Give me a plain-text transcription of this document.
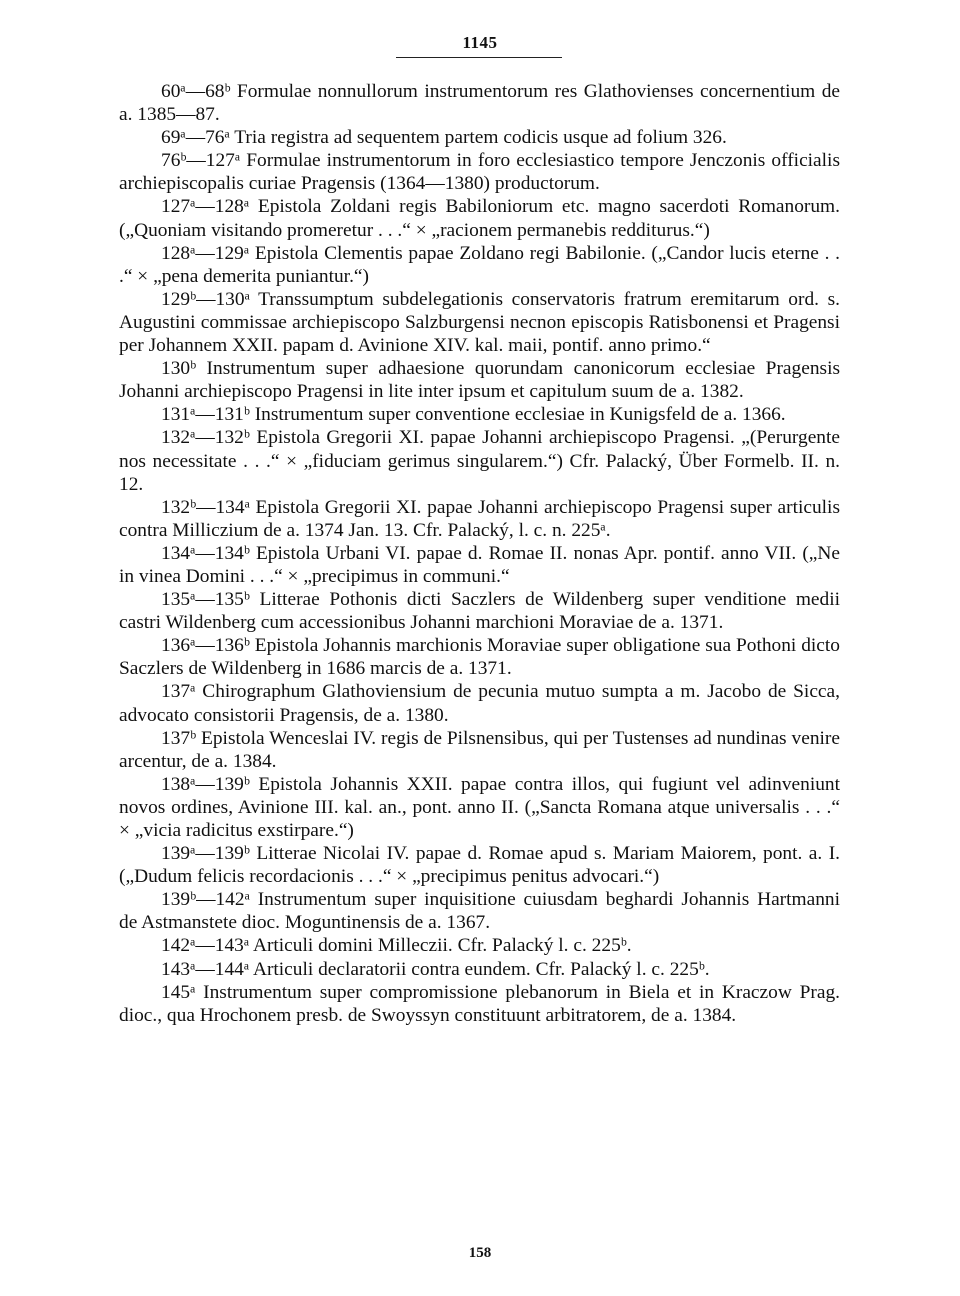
1145

60ᵃ—68ᵇ Formulae nonnullorum instrumentorum res Glathovienses concernentium de a. 1385—87.

69ᵃ—76ᵃ Tria registra ad sequentem partem codicis usque ad folium 326.

76ᵇ—127ᵃ Formulae instrumentorum in foro ecclesiastico tempore Jenczonis officialis archiepiscopalis curiae Pragensis (1364—1380) productorum.

127ᵃ—128ᵃ Epistola Zoldani regis Babiloniorum etc. magno sacerdoti Romanorum. („Quoniam visitando promeretur . . .“ × „racionem permanebis redditurus.“)

128ᵃ—129ᵃ Epistola Clementis papae Zoldano regi Babilonie. („Candor lucis eterne . . .“ × „pena demerita puniantur.“)

129ᵇ—130ᵃ Transsumptum subdelegationis conservatoris fratrum eremitarum ord. s. Augustini commissae archiepiscopo Salzburgensi necnon episcopis Ratisbonensi et Pragensi per Johannem XXII. papam d. Avinione XIV. kal. maii, pontif. anno primo.“

130ᵇ Instrumentum super adhaesione quorundam canonicorum ecclesiae Pragensis Johanni archiepiscopo Pragensi in lite inter ipsum et capitulum suum de a. 1382.

131ᵃ—131ᵇ Instrumentum super conventione ecclesiae in Kunigsfeld de a. 1366.

132ᵃ—132ᵇ Epistola Gregorii XI. papae Johanni archiepiscopo Pragensi. „(Perurgente nos necessitate . . .“ × „fiduciam gerimus singularem.“) Cfr. Palacký, Über Formelb. II. n. 12.

132ᵇ—134ᵃ Epistola Gregorii XI. papae Johanni archiepiscopo Pragensi super articulis contra Milliczium de a. 1374 Jan. 13. Cfr. Palacký, l. c. n. 225ᵃ.

134ᵃ—134ᵇ Epistola Urbani VI. papae d. Romae II. nonas Apr. pontif. anno VII. („Ne in vinea Domini . . .“ × „precipimus in communi.“

135ᵃ—135ᵇ Litterae Pothonis dicti Saczlers de Wildenberg super venditione medii castri Wildenberg cum accessionibus Johanni marchioni Moraviae de a. 1371.

136ᵃ—136ᵇ Epistola Johannis marchionis Moraviae super obligatione sua Pothoni dicto Saczlers de Wildenberg in 1686 marcis de a. 1371.

137ᵃ Chirographum Glathoviensium de pecunia mutuo sumpta a m. Jacobo de Sicca, advocato consistorii Pragensis, de a. 1380.

137ᵇ Epistola Wenceslai IV. regis de Pilsnensibus, qui per Tustenses ad nundinas venire arcentur, de a. 1384.

138ᵃ—139ᵇ Epistola Johannis XXII. papae contra illos, qui fugiunt vel adinveniunt novos ordines, Avinione III. kal. an., pont. anno II. („Sancta Romana atque universalis . . .“ × „vicia radicitus exstirpare.“)

139ᵃ—139ᵇ Litterae Nicolai IV. papae d. Romae apud s. Mariam Maiorem, pont. a. I. („Dudum felicis recordacionis . . .“ × „precipimus penitus advocari.“)

139ᵇ—142ᵃ Instrumentum super inquisitione cuiusdam beghardi Johannis Hartmanni de Astmanstete dioc. Moguntinensis de a. 1367.

142ᵃ—143ᵃ Articuli domini Milleczii. Cfr. Palacký l. c. 225ᵇ.

143ᵃ—144ᵃ Articuli declaratorii contra eundem. Cfr. Palacký l. c. 225ᵇ.

145ᵃ Instrumentum super compromissione plebanorum in Biela et in Kraczow Prag. dioc., qua Hrochonem presb. de Swoyssyn constituunt arbitratorem, de a. 1384.

158
